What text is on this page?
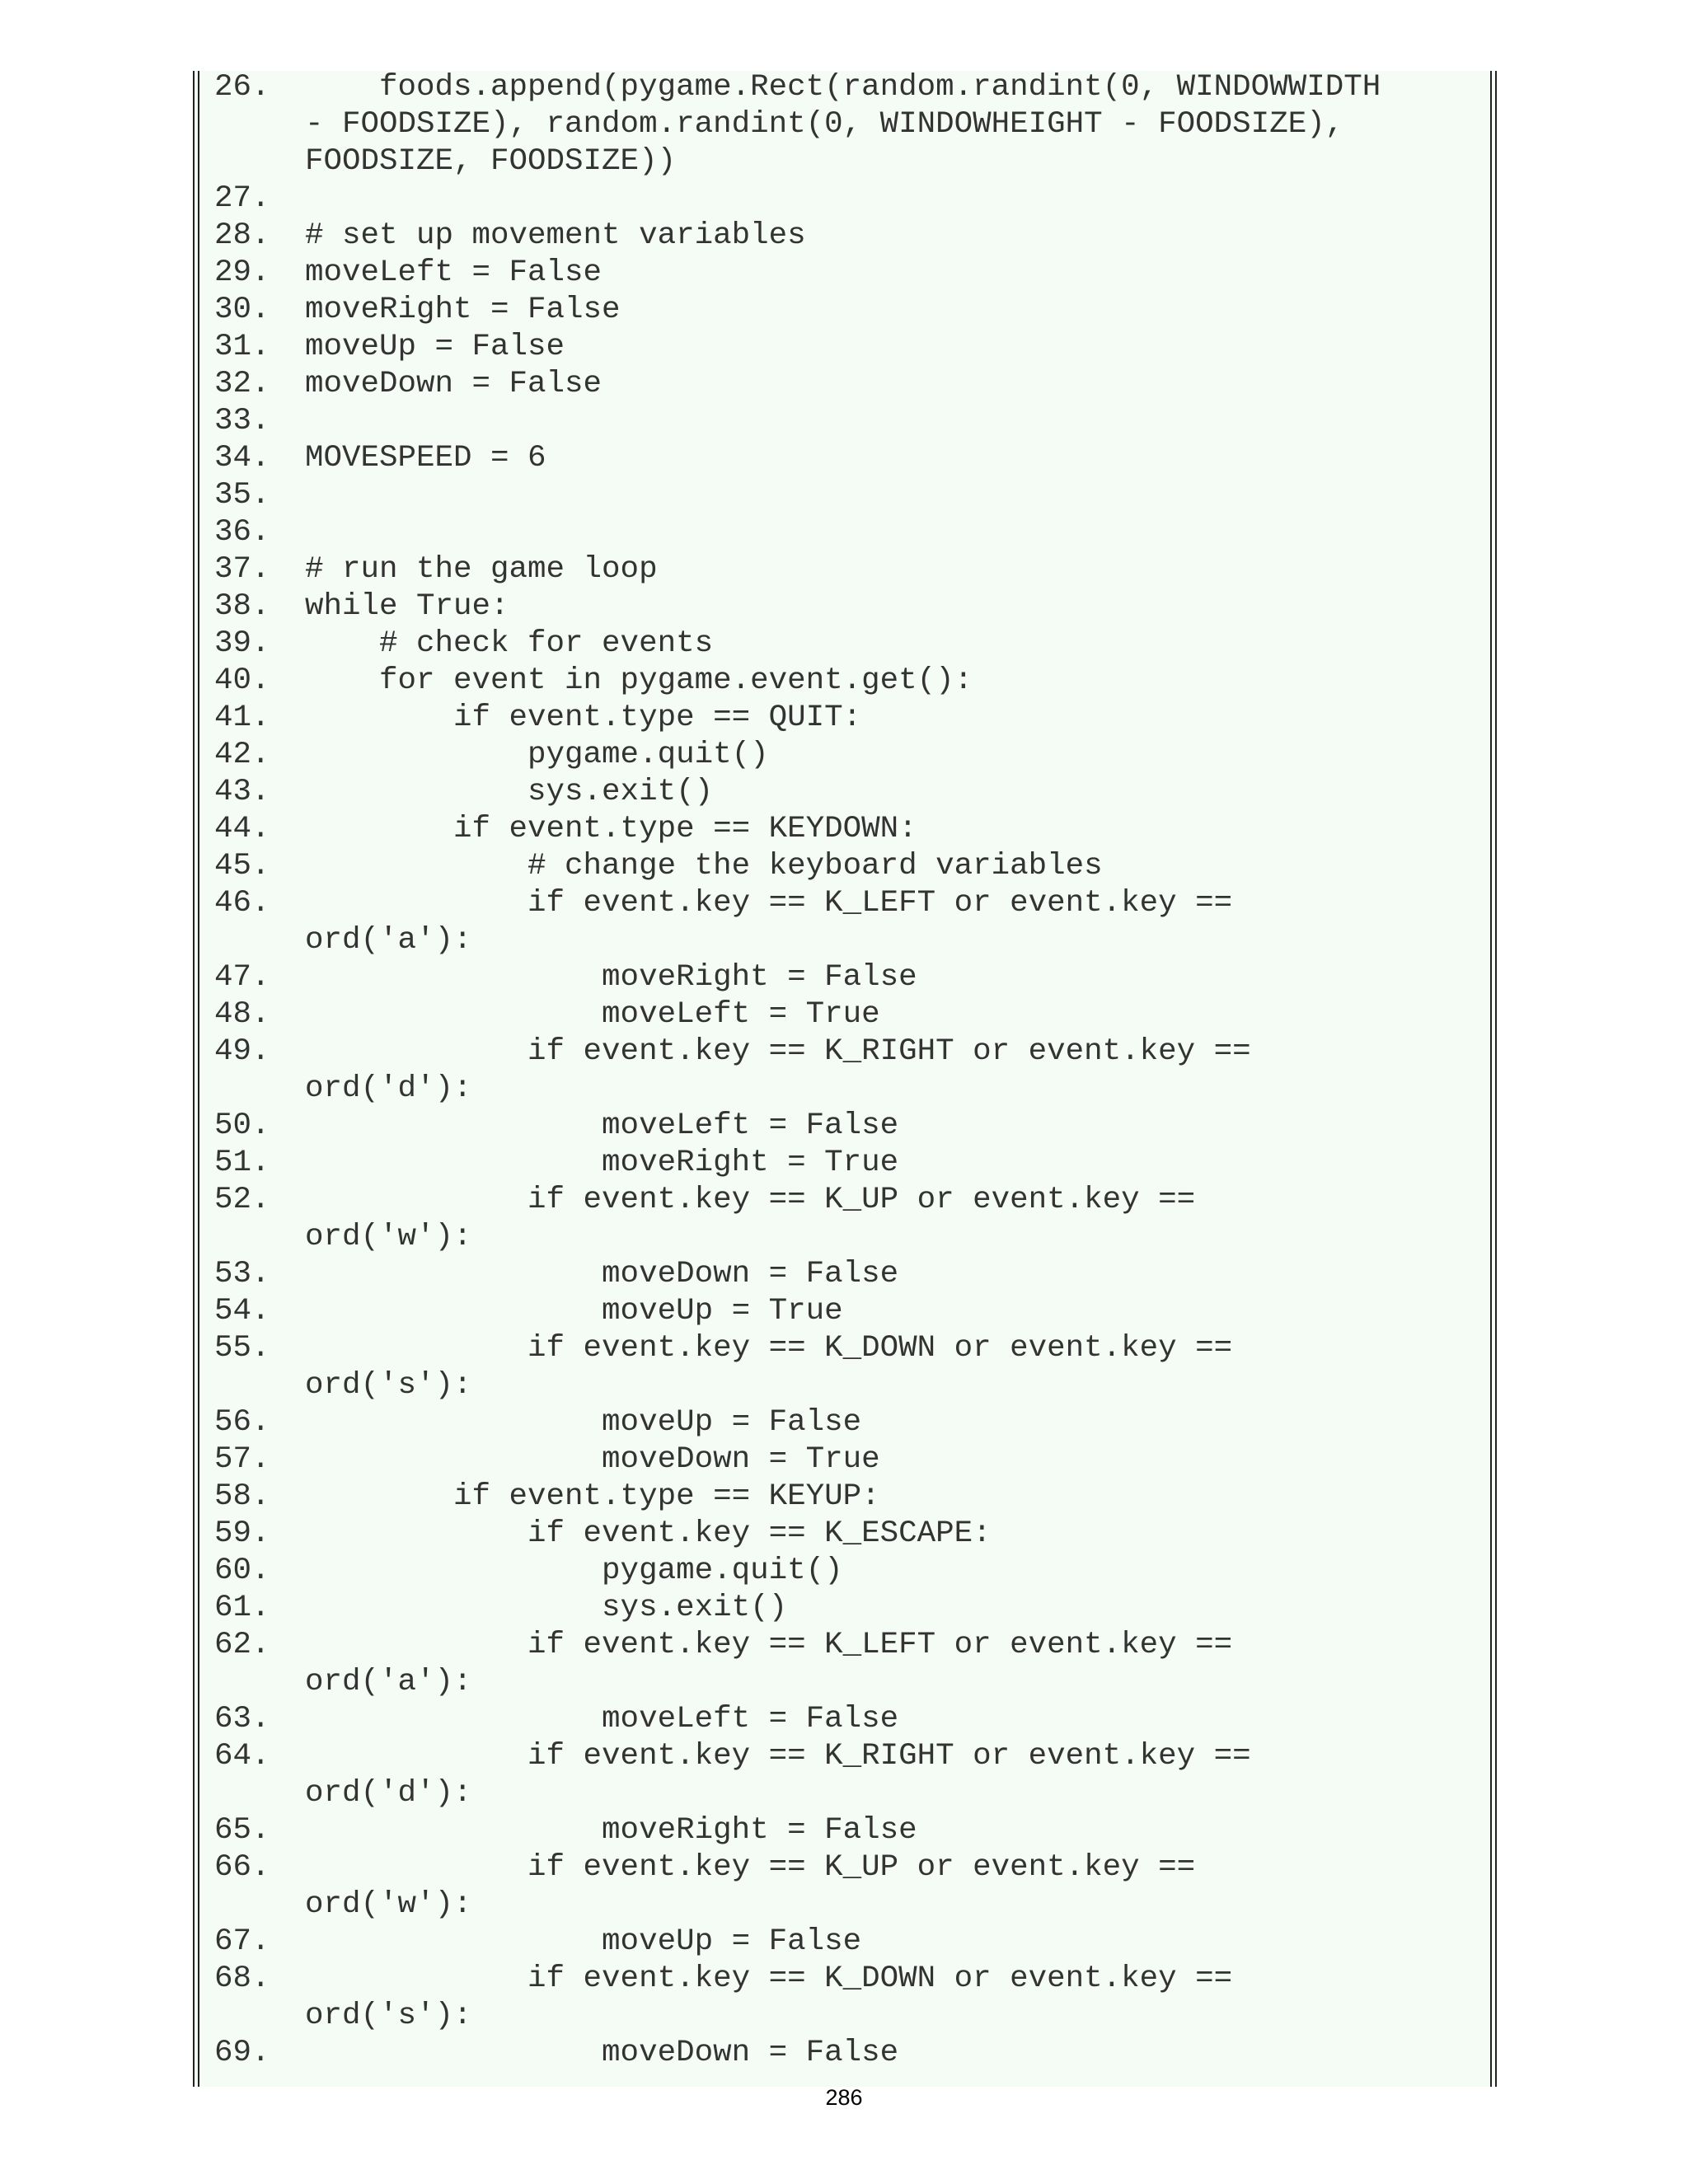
26.	foods.append(pygame.Rect(random.randint(0, WINDOWWIDTH
- FOODSIZE), random.randint(0, WINDOWHEIGHT - FOODSIZE),
FOODSIZE, FOODSIZE))
27.
28.	# set up movement variables
29.	moveLeft = False
30.	moveRight = False
31.	moveUp = False
32.	moveDown = False
33.
34.	MOVESPEED = 6
35.
36.
37.	# run the game loop
38.	while True:
39.	# check for events
40.	for event in pygame.event.get():
41.	if event.type == QUIT:
42.	pygame.quit()
43.	sys.exit()
44.	if event.type == KEYDOWN:
45.	# change the keyboard variables
46.	if event.key == K_LEFT or event.key ==
ord('a'):
47.	moveRight = False
48.	moveLeft = True
49.	if event.key == K_RIGHT or event.key ==
ord('d'):
50.	moveLeft = False
51.	moveRight = True
52.	if event.key == K_UP or event.key ==
ord('w'):
53.	moveDown = False
54.	moveUp = True
55.	if event.key == K_DOWN or event.key ==
ord('s'):
56.	moveUp = False
57.	moveDown = True
58.	if event.type == KEYUP:
59.	if event.key == K_ESCAPE:
60.	pygame.quit()
61.	sys.exit()
62.	if event.key == K_LEFT or event.key ==
ord('a'):
63.	moveLeft = False
64.	if event.key == K_RIGHT or event.key ==
ord('d'):
65.	moveRight = False
66.	if event.key == K_UP or event.key ==
ord('w'):
67.	moveUp = False
68.	if event.key == K_DOWN or event.key ==
ord('s'):
69.	moveDown = False
286
